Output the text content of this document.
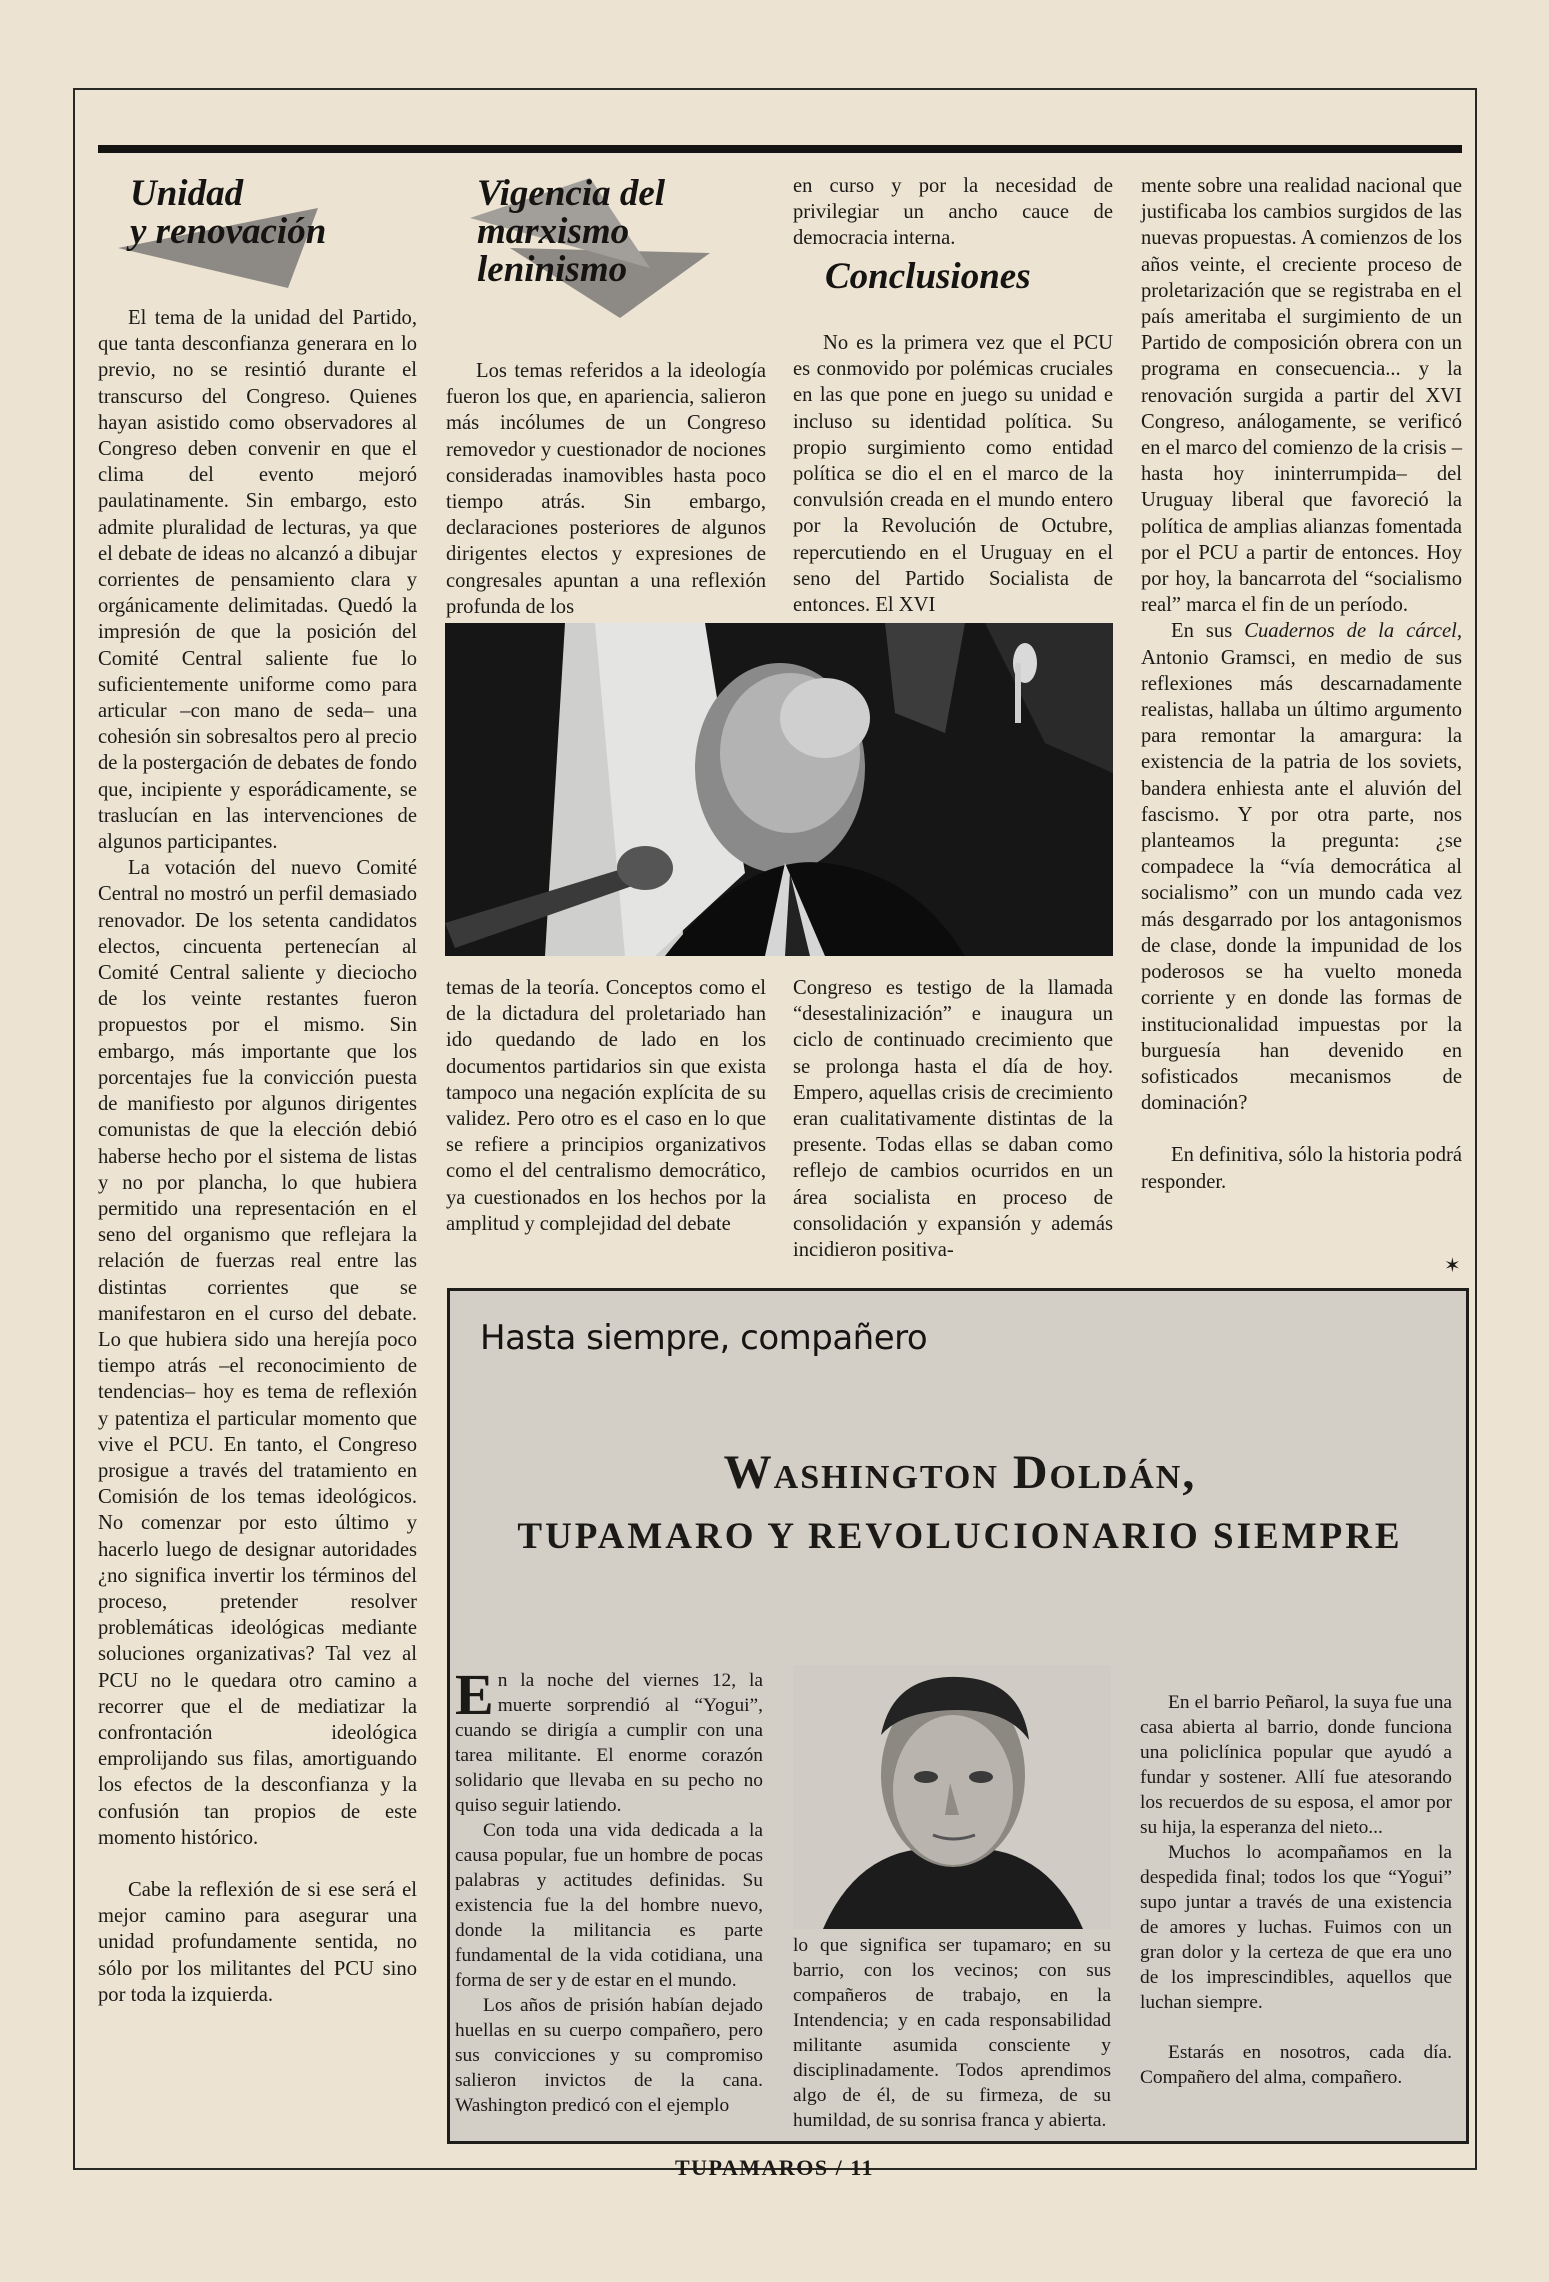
Unidad
y renovación
Vigencia del
marxismo
leninismo

El tema de la unidad del Partido, que tanta desconfianza generara en lo previo, no se resintió durante el transcurso del Congreso. Quienes hayan asistido como observadores al Congreso deben convenir en que el clima del evento mejoró paulatinamente. Sin embargo, esto admite pluralidad de lecturas, ya que el debate de ideas no alcanzó a dibujar corrientes de pensamiento clara y orgánicamente delimitadas. Quedó la impresión de que la posición del Comité Central saliente fue lo suficientemente uniforme como para articular –con mano de seda– una cohesión sin sobresaltos pero al precio de la postergación de debates de fondo que, incipiente y esporádicamente, se traslucían en las intervenciones de algunos participantes.

La votación del nuevo Comité Central no mostró un perfil demasiado renovador. De los setenta candidatos electos, cincuenta pertenecían al Comité Central saliente y dieciocho de los veinte restantes fueron propuestos por el mismo. Sin embargo, más importante que los porcentajes fue la convicción puesta de manifiesto por algunos dirigentes comunistas de que la elección debió haberse hecho por el sistema de listas y no por plancha, lo que hubiera permitido una representación en el seno del organismo que reflejara la relación de fuerzas real entre las distintas corrientes que se manifestaron en el curso del debate. Lo que hubiera sido una herejía poco tiempo atrás –el reconocimiento de tendencias– hoy es tema de reflexión y patentiza el particular momento que vive el PCU. En tanto, el Congreso prosigue a través del tratamiento en Comisión de los temas ideológicos. No comenzar por esto último y hacerlo luego de designar autoridades ¿no significa invertir los términos del proceso, pretender resolver problemáticas ideológicas mediante soluciones organizativas? Tal vez al PCU no le quedara otro camino a recorrer que el de mediatizar la confrontación ideológica emprolijando sus filas, amortiguando los efectos de la desconfianza y la confusión tan propios de este momento histórico.

Cabe la reflexión de si ese será el mejor camino para asegurar una unidad profundamente sentida, no sólo por los militantes del PCU sino por toda la izquierda.

Los temas referidos a la ideología fueron los que, en apariencia, salieron más incólumes de un Congreso removedor y cuestionador de nociones consideradas inamovibles hasta poco tiempo atrás. Sin embargo, declaraciones posteriores de algunos dirigentes electos y expresiones de congresales apuntan a una reflexión profunda de los

en curso y por la necesidad de privilegiar un ancho cauce de democracia interna.

Conclusiones

No es la primera vez que el PCU es conmovido por polémicas cruciales en las que pone en juego su unidad e incluso su identidad política. Su propio surgimiento como entidad política se dio el en el marco de la convulsión creada en el mundo entero por la Revolución de Octubre, repercutiendo en el Uruguay en el seno del Partido Socialista de entonces. El XVI

temas de la teoría. Conceptos como el de la dictadura del proletariado han ido quedando de lado en los documentos partidarios sin que exista tampoco una negación explícita de su validez. Pero otro es el caso en lo que se refiere a principios organizativos como el del centralismo democrático, ya cuestionados en los hechos por la amplitud y complejidad del debate

Congreso es testigo de la llamada “desestalinización” e inaugura un ciclo de continuado crecimiento que se prolonga hasta el día de hoy. Empero, aquellas crisis de crecimiento eran cualitativamente distintas de la presente. Todas ellas se daban como reflejo de cambios ocurridos en un área socialista en proceso de consolidación y expansión y además incidieron positiva-

mente sobre una realidad nacional que justificaba los cambios surgidos de las nuevas propuestas. A comienzos de los años veinte, el creciente proceso de proletarización que se registraba en el país ameritaba el surgimiento de un Partido de composición obrera con un programa en consecuencia... y la renovación surgida a partir del XVI Congreso, análogamente, se verificó en el marco del comienzo de la crisis –hasta hoy ininterrumpida– del Uruguay liberal que favoreció la política de amplias alianzas fomentada por el PCU a partir de entonces. Hoy por hoy, la bancarrota del “socialismo real” marca el fin de un período.

En sus Cuadernos de la cárcel, Antonio Gramsci, en medio de sus reflexiones más descarnadamente realistas, hallaba un último argumento para remontar la amargura: la existencia de la patria de los soviets, bandera enhiesta ante el aluvión del fascismo. Y por otra parte, nos planteamos la pregunta: ¿se compadece la “vía democrática al socialismo” con un mundo cada vez más desgarrado por los antagonismos de clase, donde la impunidad de los poderosos se ha vuelto moneda corriente y en donde las formas de institucionalidad impuestas por la burguesía han devenido en sofisticados mecanismos de dominación?

En definitiva, sólo la historia podrá responder.

✶
Hasta siempre, compañero
Washington Doldán,
TUPAMARO Y REVOLUCIONARIO SIEMPRE

En la noche del viernes 12, la muerte sorprendió al “Yogui”, cuando se dirigía a cumplir con una tarea militante. El enorme corazón solidario que llevaba en su pecho no quiso seguir latiendo.

Con toda una vida dedicada a la causa popular, fue un hombre de pocas palabras y actitudes definidas. Su existencia fue la del hombre nuevo, donde la militancia es parte fundamental de la vida cotidiana, una forma de ser y de estar en el mundo.

Los años de prisión habían dejado huellas en su cuerpo compañero, pero sus convicciones y su compromiso salieron invictos de la cana. Washington predicó con el ejemplo

lo que significa ser tupamaro; en su barrio, con los vecinos; con sus compañeros de trabajo, en la Intendencia; y en cada responsabilidad militante asumida consciente y disciplinadamente. Todos aprendimos algo de él, de su firmeza, de su humildad, de su sonrisa franca y abierta.

En el barrio Peñarol, la suya fue una casa abierta al barrio, donde funciona una policlínica popular que ayudó a fundar y sostener. Allí fue atesorando los recuerdos de su esposa, el amor por su hija, la esperanza del nieto...

Muchos lo acompañamos en la despedida final; todos los que “Yogui” supo juntar a través de una existencia de amores y luchas. Fuimos con un gran dolor y la certeza de que era uno de los imprescindibles, aquellos que luchan siempre.

Estarás en nosotros, cada día. Compañero del alma, compañero.

TUPAMAROS / 11
